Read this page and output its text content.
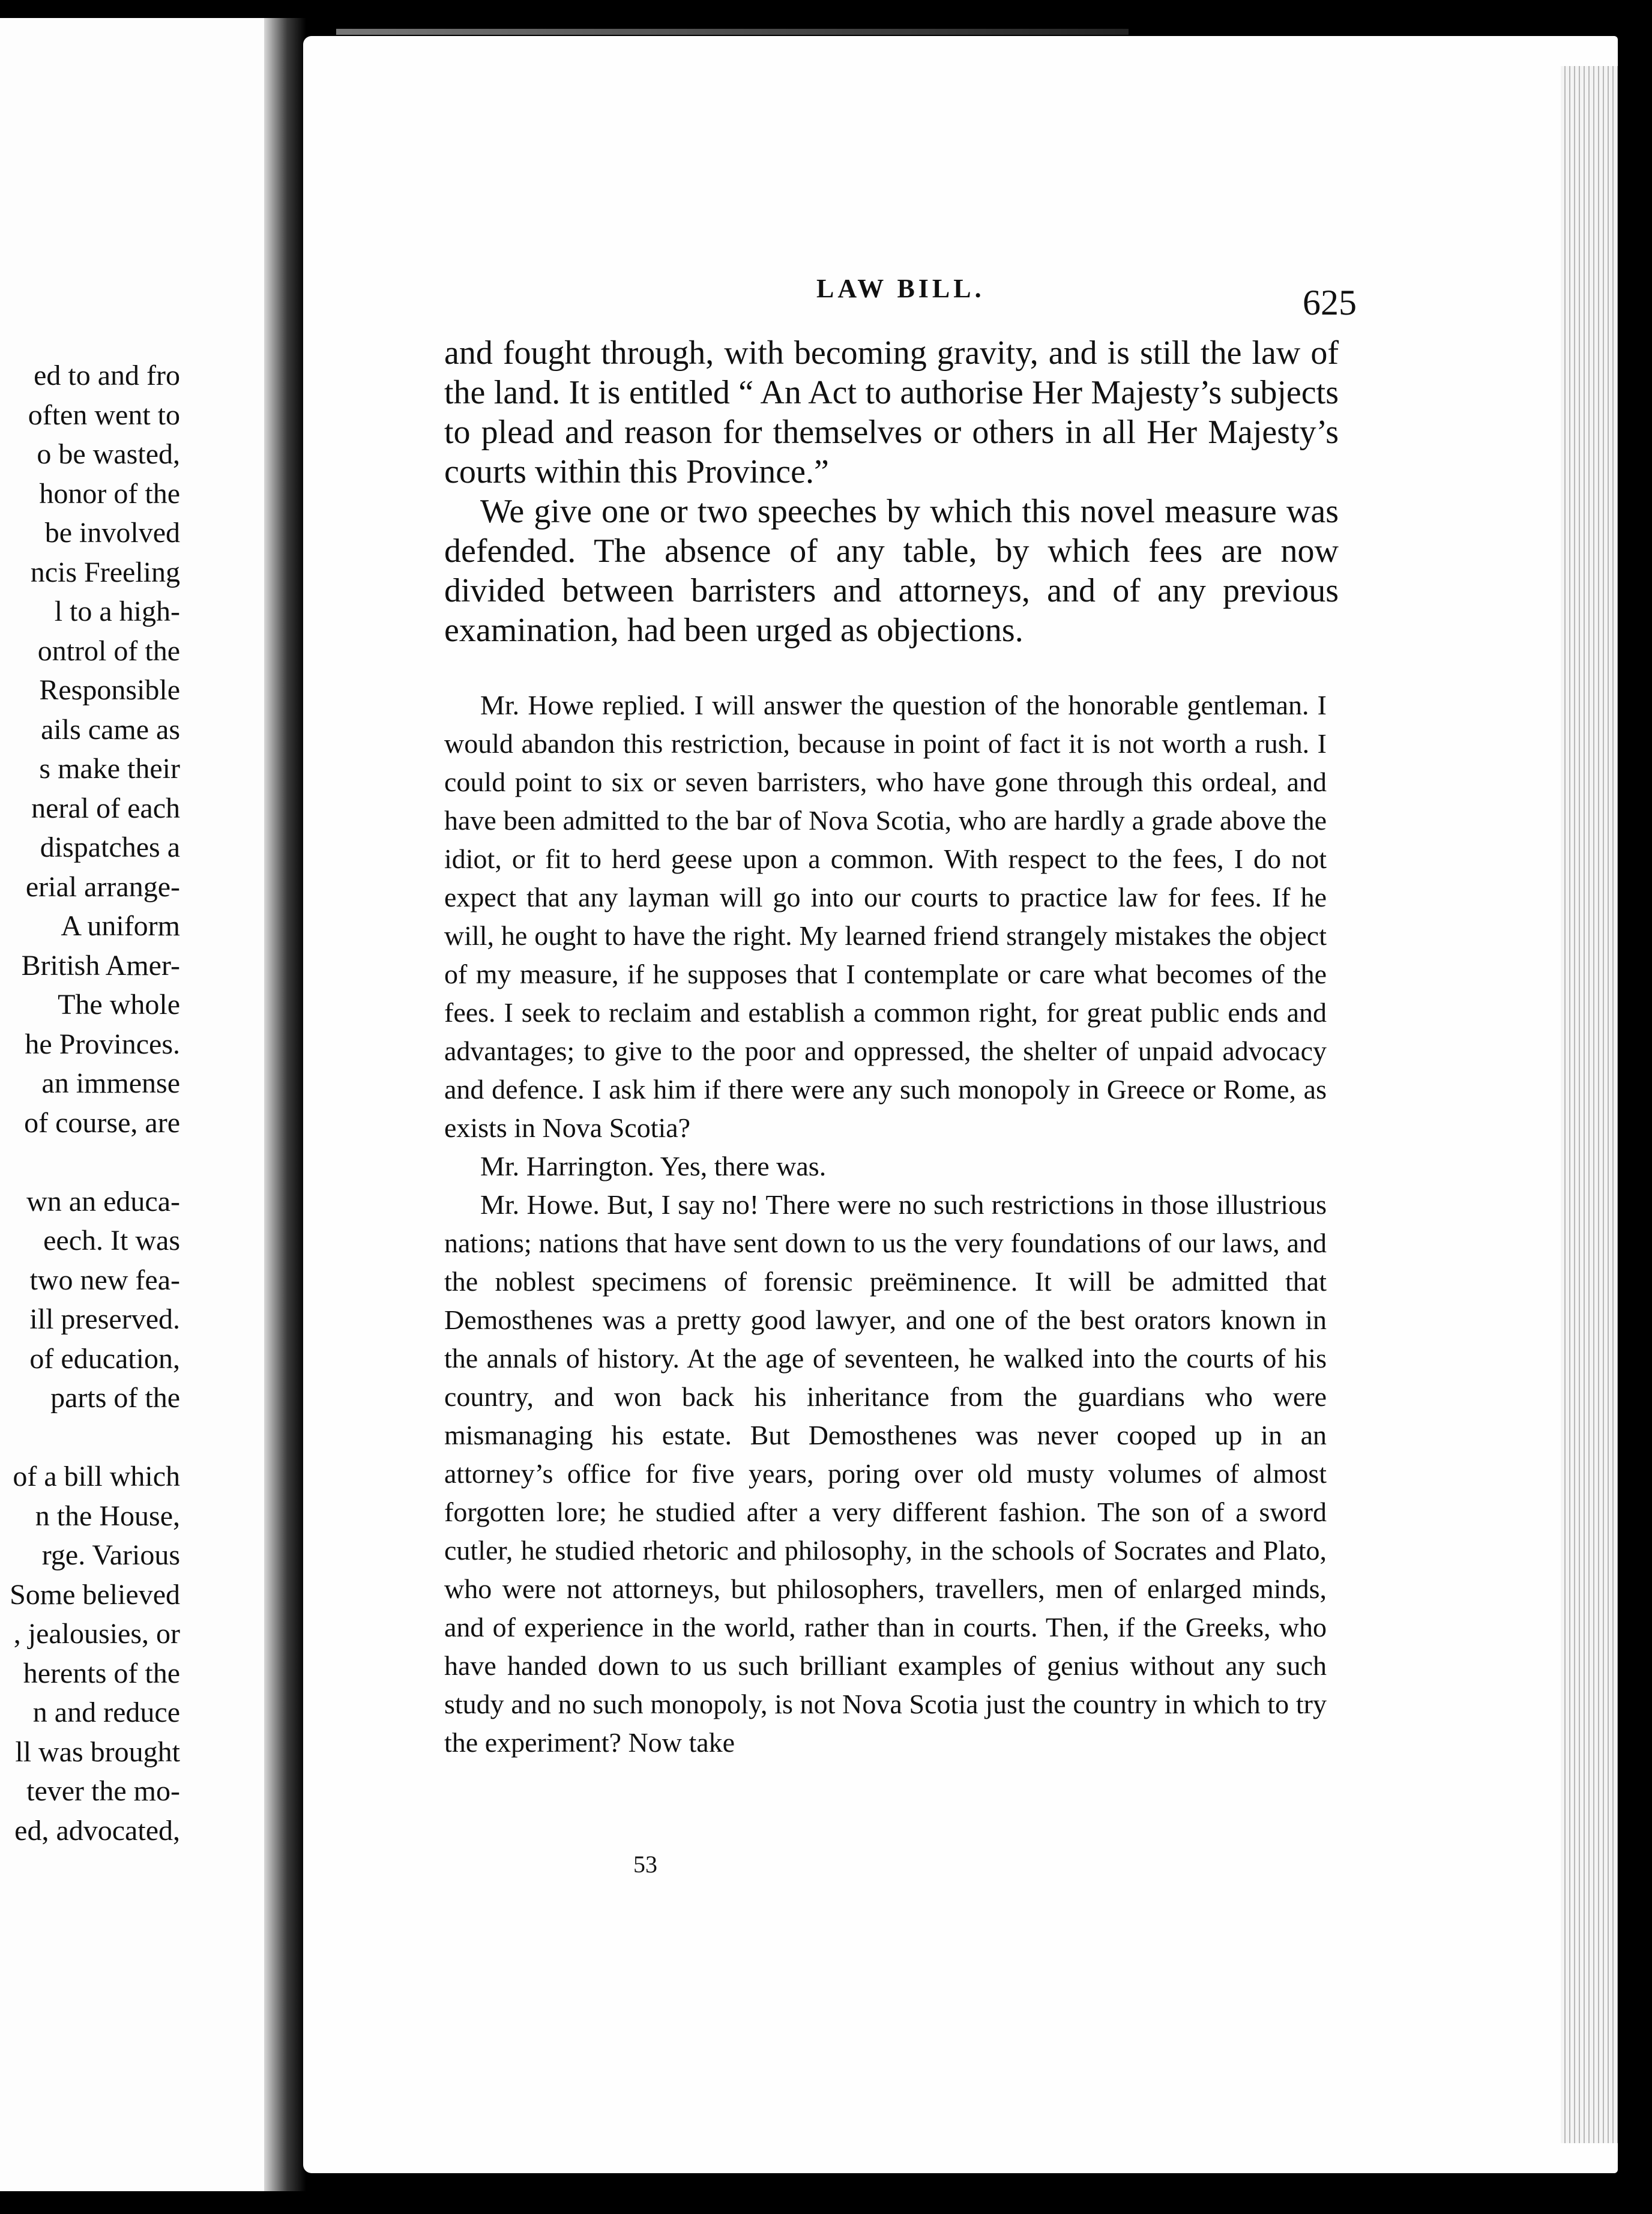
ed to and fro
often went to
o be wasted,
honor of the
be involved
ncis Freeling
l to a high-
ontrol of the
Responsible
ails came as
s make their
neral of each
dispatches a
erial arrange-
A uniform
British Amer-
The whole
he Provinces.
an immense
of course, are
wn an educa-
eech. It was
two new fea-
ill preserved.
of education,
parts of the
of a bill which
n the House,
rge. Various
Some believed
, jealousies, or
herents of the
n and reduce
ll was brought
tever the mo-
ed, advocated,
LAW BILL.	625

and fought through, with becoming gravity, and is still the law of the land. It is entitled “ An Act to authorise Her Majesty’s subjects to plead and reason for themselves or others in all Her Majesty’s courts within this Province.”

We give one or two speeches by which this novel measure was defended. The absence of any table, by which fees are now divided between barristers and attorneys, and of any previous examination, had been urged as objections.

Mr. Howe replied. I will answer the question of the honorable gentleman. I would abandon this restriction, because in point of fact it is not worth a rush. I could point to six or seven barristers, who have gone through this ordeal, and have been admitted to the bar of Nova Scotia, who are hardly a grade above the idiot, or fit to herd geese upon a common. With respect to the fees, I do not expect that any layman will go into our courts to practice law for fees. If he will, he ought to have the right. My learned friend strangely mistakes the object of my measure, if he supposes that I contemplate or care what becomes of the fees. I seek to reclaim and establish a common right, for great public ends and advantages; to give to the poor and oppressed, the shelter of unpaid advocacy and defence. I ask him if there were any such monopoly in Greece or Rome, as exists in Nova Scotia?

Mr. Harrington. Yes, there was.

Mr. Howe. But, I say no! There were no such restrictions in those illustrious nations; nations that have sent down to us the very foundations of our laws, and the noblest specimens of forensic preëminence. It will be admitted that Demosthenes was a pretty good lawyer, and one of the best orators known in the annals of history. At the age of seventeen, he walked into the courts of his country, and won back his inheritance from the guardians who were mismanaging his estate. But Demosthenes was never cooped up in an attorney’s office for five years, poring over old musty volumes of almost forgotten lore; he studied after a very different fashion. The son of a sword cutler, he studied rhetoric and philosophy, in the schools of Socrates and Plato, who were not attorneys, but philosophers, travellers, men of enlarged minds, and of experience in the world, rather than in courts. Then, if the Greeks, who have handed down to us such brilliant examples of genius without any such study and no such monopoly, is not Nova Scotia just the country in which to try the experiment? Now take

53
